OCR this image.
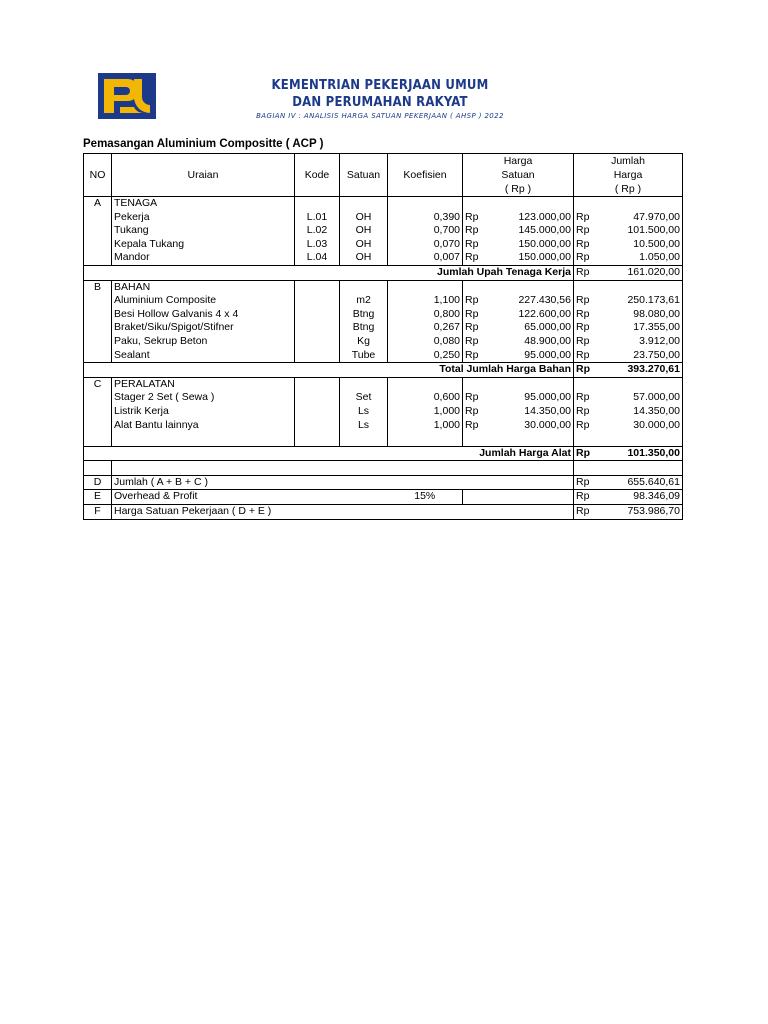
KEMENTRIAN PEKERJAAN UMUM
DAN PERUMAHAN RAKYAT
BAGIAN IV : ANALISIS HARGA SATUAN PEKERJAAN ( AHSP ) 2022
Pemasangan Aluminium Compositte ( ACP )
NO	Uraian	Kode	Satuan	Koefisien	Harga		Jumlah	
					Satuan		Harga	
					( Rp )		( Rp )	
A	TENAGA							
	Pekerja	L.01	OH	0,390	Rp	123.000,00	Rp	47.970,00
	Tukang	L.02	OH	0,700	Rp	145.000,00	Rp	101.500,00
	Kepala Tukang	L.03	OH	0,070	Rp	150.000,00	Rp	10.500,00
	Mandor	L.04	OH	0,007	Rp	150.000,00	Rp	1.050,00
Jumlah Upah Tenaga Kerja							Rp	161.020,00
B	BAHAN							
	Aluminium Composite		m2	1,100	Rp	227.430,56	Rp	250.173,61
	Besi Hollow Galvanis 4 x 4		Btng	0,800	Rp	122.600,00	Rp	98.080,00
	Braket/Siku/Spigot/Stifner		Btng	0,267	Rp	65.000,00	Rp	17.355,00
	Paku, Sekrup Beton		Kg	0,080	Rp	48.900,00	Rp	3.912,00
	Sealant		Tube	0,250	Rp	95.000,00	Rp	23.750,00
Total Jumlah Harga Bahan							Rp	393.270,61
C	PERALATAN							
	Stager 2 Set ( Sewa )		Set	0,600	Rp	95.000,00	Rp	57.000,00
	Listrik Kerja		Ls	1,000	Rp	14.350,00	Rp	14.350,00
	Alat Bantu lainnya		Ls	1,000	Rp	30.000,00	Rp	30.000,00

Jumlah Harga Alat							Rp	101.350,00

D	Jumlah ( A + B + C )						Rp	655.640,61
E	Overhead & Profit			15%			Rp	98.346,09
F	Harga Satuan Pekerjaan ( D + E )						Rp	753.986,70
